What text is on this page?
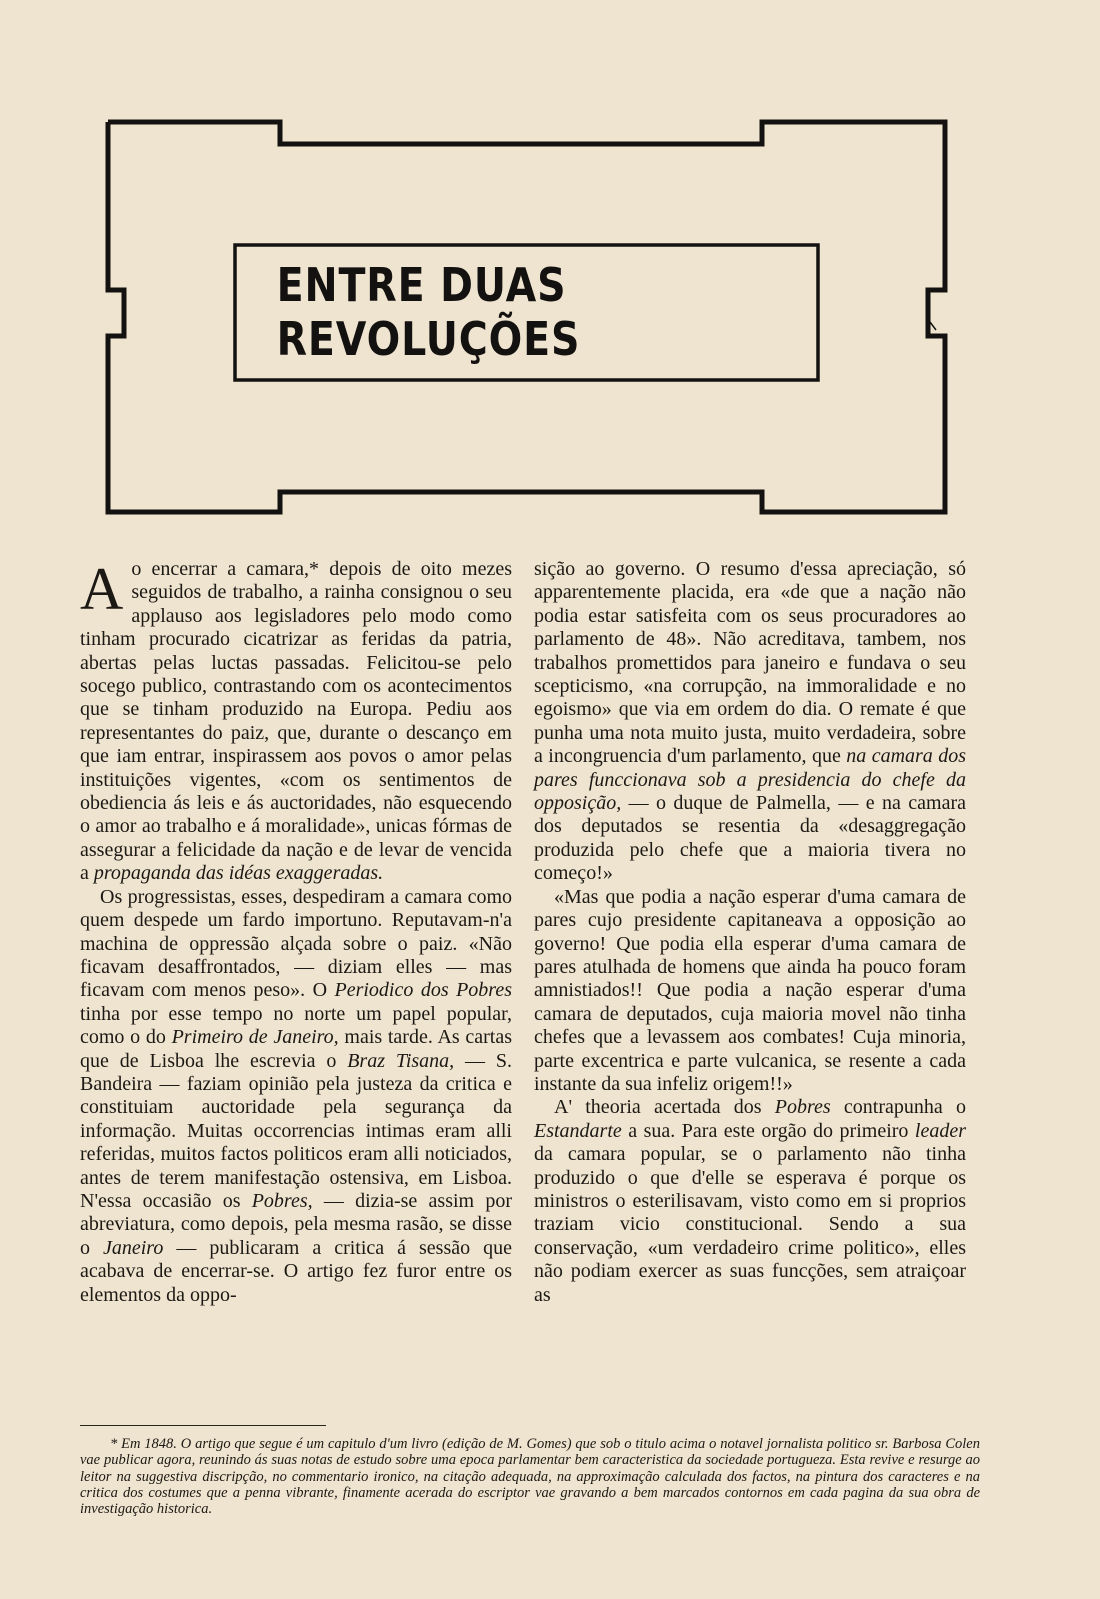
ENTRE DUAS REVOLUÇÕES

Ao encerrar a camara,* depois de oito mezes seguidos de trabalho, a rainha consignou o seu applauso aos legisladores pelo modo como tinham procurado cicatrizar as feridas da patria, abertas pelas luctas passadas. Felicitou-se pelo socego publico, contrastando com os acontecimentos que se tinham produzido na Europa. Pediu aos representantes do paiz, que, durante o descanço em que iam entrar, inspirassem aos povos o amor pelas instituições vigentes, «com os sentimentos de obediencia ás leis e ás auctoridades, não esquecendo o amor ao trabalho e á moralidade», unicas fórmas de assegurar a felicidade da nação e de levar de vencida a propaganda das idéas exaggeradas.

Os progressistas, esses, despediram a camara como quem despede um fardo importuno. Reputavam-n'a machina de oppressão alçada sobre o paiz. «Não ficavam desaffrontados, — diziam elles — mas ficavam com menos peso». O Periodico dos Pobres tinha por esse tempo no norte um papel popular, como o do Primeiro de Janeiro, mais tarde. As cartas que de Lisboa lhe escrevia o Braz Tisana, — S. Bandeira — faziam opinião pela justeza da critica e constituiam auctoridade pela segurança da informação. Muitas occorrencias intimas eram alli referidas, muitos factos politicos eram alli noticiados, antes de terem manifestação ostensiva, em Lisboa. N'essa occasião os Pobres, — dizia-se assim por abreviatura, como depois, pela mesma rasão, se disse o Janeiro — publicaram a critica á sessão que acabava de encerrar-se. O artigo fez furor entre os elementos da oppo-

sição ao governo. O resumo d'essa apreciação, só apparentemente placida, era «de que a nação não podia estar satisfeita com os seus procuradores ao parlamento de 48». Não acreditava, tambem, nos trabalhos promettidos para janeiro e fundava o seu scepticismo, «na corrupção, na immoralidade e no egoismo» que via em ordem do dia. O remate é que punha uma nota muito justa, muito verdadeira, sobre a incongruencia d'um parlamento, que na camara dos pares funccionava sob a presidencia do chefe da opposição, — o duque de Palmella, — e na camara dos deputados se resentia da «desaggregação produzida pelo chefe que a maioria tivera no começo!»

«Mas que podia a nação esperar d'uma camara de pares cujo presidente capitaneava a opposição ao governo! Que podia ella esperar d'uma camara de pares atulhada de homens que ainda ha pouco foram amnistiados!! Que podia a nação esperar d'uma camara de deputados, cuja maioria movel não tinha chefes que a levassem aos combates! Cuja minoria, parte excentrica e parte vulcanica, se resente a cada instante da sua infeliz origem!!»

A' theoria acertada dos Pobres contrapunha o Estandarte a sua. Para este orgão do primeiro leader da camara popular, se o parlamento não tinha produzido o que d'elle se esperava é porque os ministros o esterilisavam, visto como em si proprios traziam vicio constitucional. Sendo a sua conservação, «um verdadeiro crime politico», elles não podiam exercer as suas funcções, sem atraiçoar as

* Em 1848. O artigo que segue é um capitulo d'um livro (edição de M. Gomes) que sob o titulo acima o notavel jornalista politico sr. Barbosa Colen vae publicar agora, reunindo ás suas notas de estudo sobre uma epoca parlamentar bem caracteristica da sociedade portugueza. Esta revive e resurge ao leitor na suggestiva discripção, no commentario ironico, na citação adequada, na approximação calculada dos factos, na pintura dos caracteres e na critica dos costumes que a penna vibrante, finamente acerada do escriptor vae gravando a bem marcados contornos em cada pagina da sua obra de investigação historica.
